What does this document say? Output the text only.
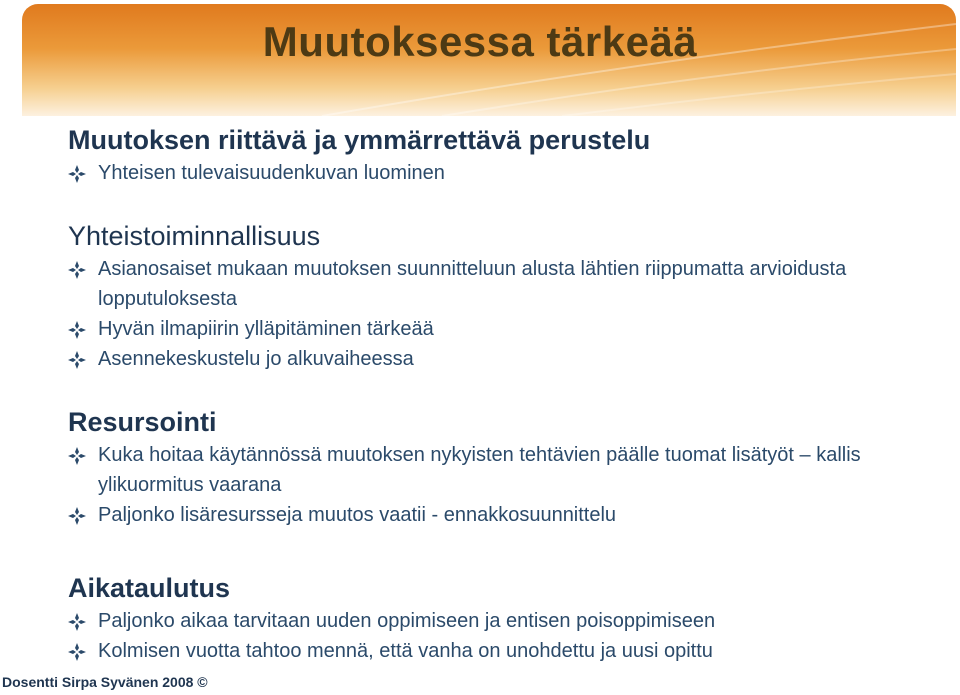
Muutoksessa tärkeää
Muutoksen riittävä ja ymmärrettävä perustelu
Yhteisen tulevaisuudenkuvan luominen
Yhteistoiminnallisuus
Asianosaiset mukaan muutoksen suunnitteluun alusta lähtien riippumatta arvioidusta lopputuloksesta
Hyvän ilmapiirin ylläpitäminen tärkeää
Asennekeskustelu jo alkuvaiheessa
Resursointi
Kuka hoitaa käytännössä muutoksen nykyisten tehtävien päälle tuomat lisätyöt – kallis ylikuormitus vaarana
Paljonko lisäresursseja muutos vaatii - ennakkosuunnittelu
Aikataulutus
Paljonko aikaa tarvitaan uuden oppimiseen ja entisen poisoppimiseen
Kolmisen vuotta tahtoo mennä, että vanha on unohdettu ja uusi opittu
Dosentti Sirpa Syvänen 2008 ©
